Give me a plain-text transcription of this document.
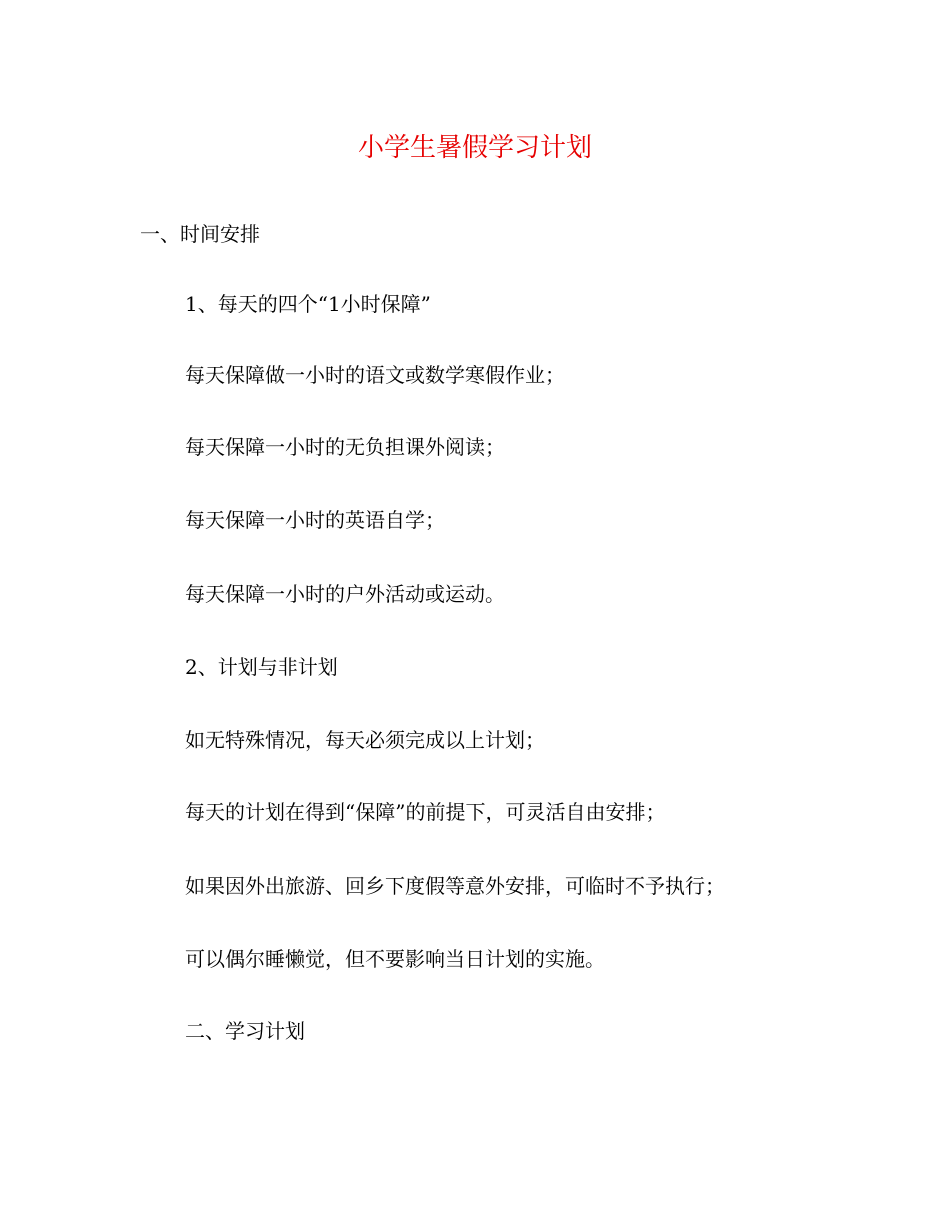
小学生暑假学习计划
一、时间安排
1、每天的四个“1小时保障”
每天保障做一小时的语文或数学寒假作业；
每天保障一小时的无负担课外阅读；
每天保障一小时的英语自学；
每天保障一小时的户外活动或运动。
2、计划与非计划
如无特殊情况，每天必须完成以上计划；
每天的计划在得到“保障”的前提下，可灵活自由安排；
如果因外出旅游、回乡下度假等意外安排，可临时不予执行；
可以偶尔睡懒觉，但不要影响当日计划的实施。
二、学习计划
